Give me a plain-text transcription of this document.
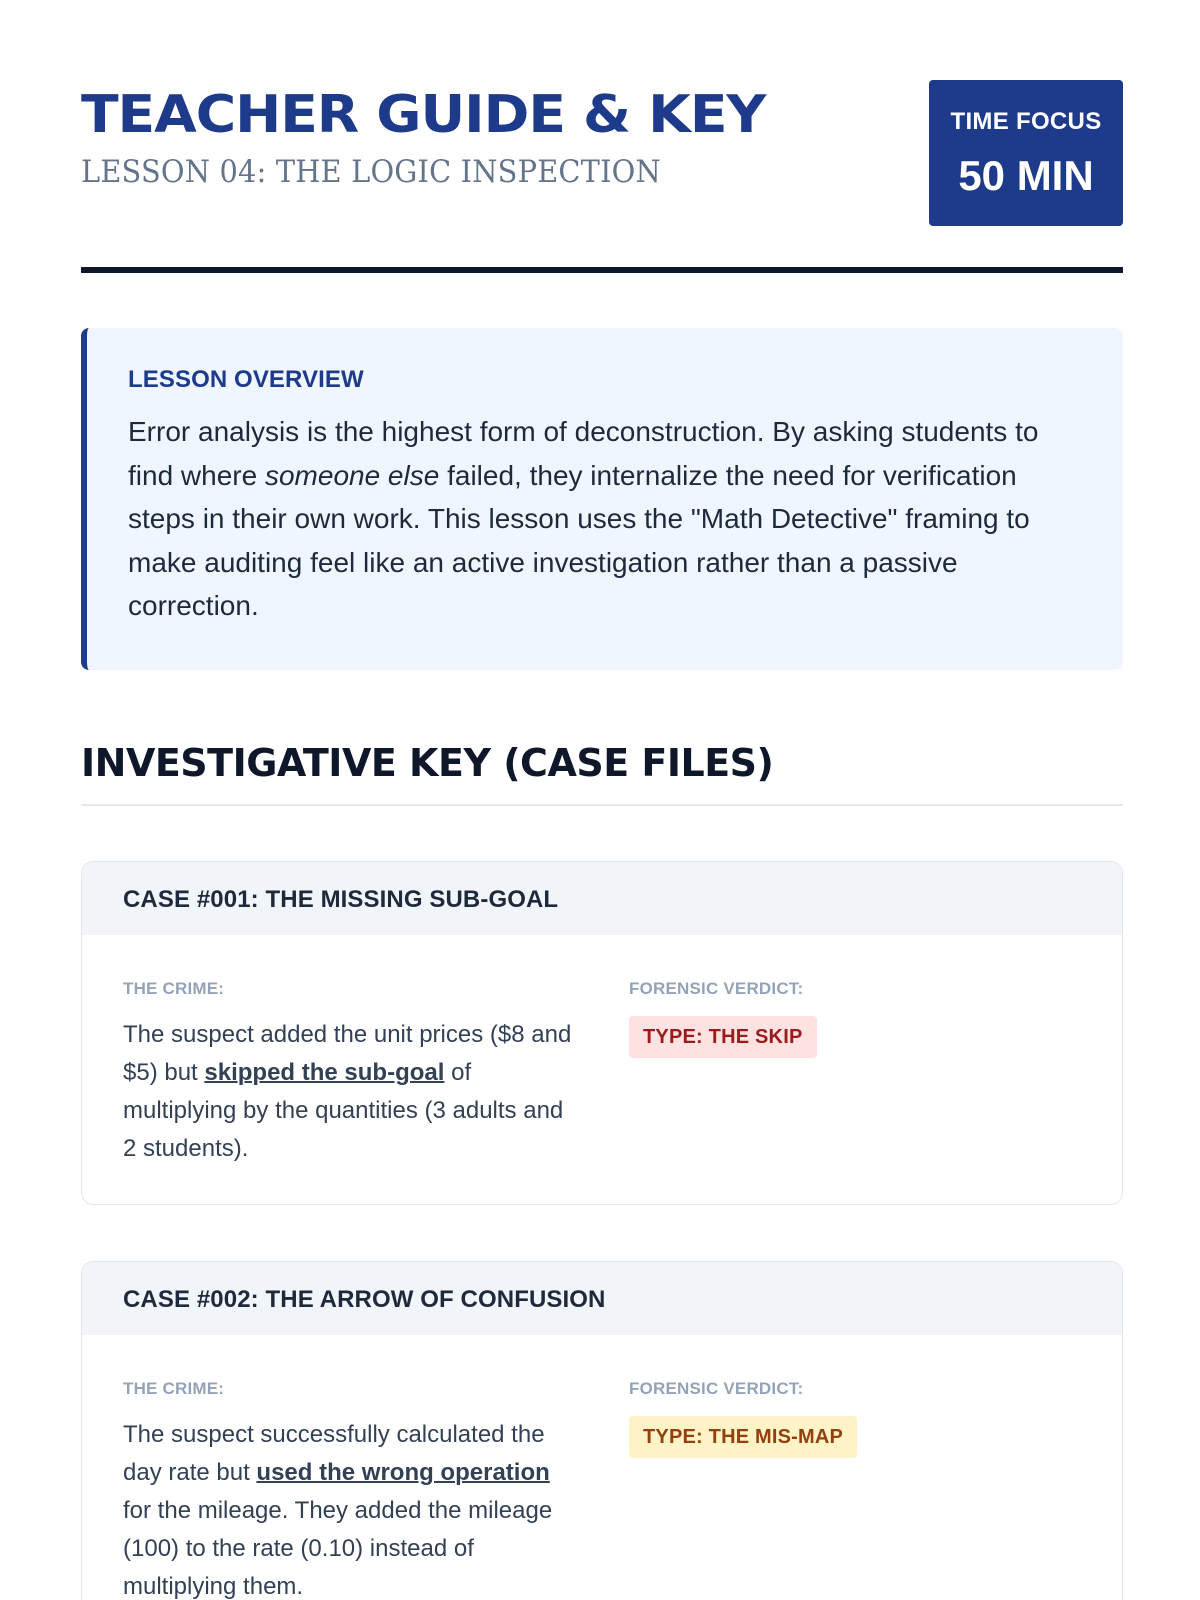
TEACHER GUIDE & KEY
LESSON 04: THE LOGIC INSPECTION
TIME FOCUS
50 MIN
LESSON OVERVIEW
Error analysis is the highest form of deconstruction. By asking students to find where someone else failed, they internalize the need for verification steps in their own work. This lesson uses the "Math Detective" framing to make auditing feel like an active investigation rather than a passive correction.
INVESTIGATIVE KEY (CASE FILES)
CASE #001: THE MISSING SUB-GOAL
THE CRIME:
The suspect added the unit prices ($8 and $5) but skipped the sub-goal of multiplying by the quantities (3 adults and 2 students).
FORENSIC VERDICT:
TYPE: THE SKIP
CASE #002: THE ARROW OF CONFUSION
THE CRIME:
The suspect successfully calculated the day rate but used the wrong operation for the mileage. They added the mileage (100) to the rate (0.10) instead of multiplying them.
FORENSIC VERDICT:
TYPE: THE MIS-MAP
